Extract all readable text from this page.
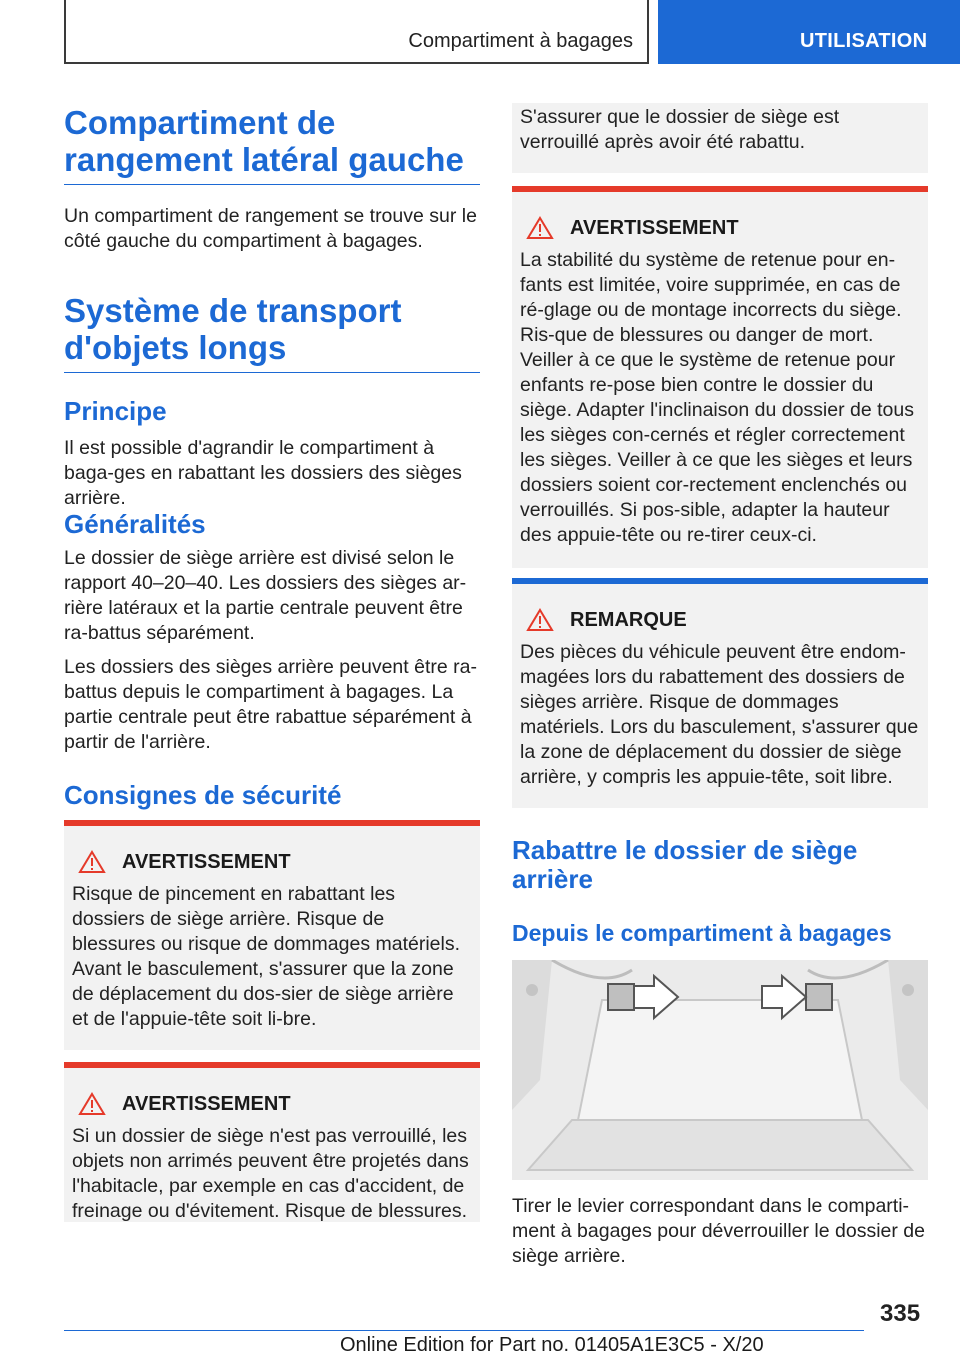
Compartiment à bagages	UTILISATION
Compartiment de rangement latéral gauche

Un compartiment de rangement se trouve sur le côté gauche du compartiment à bagages.

Système de transport d'objets longs
Principe

Il est possible d'agrandir le compartiment à baga-ges en rabattant les dossiers des sièges arrière.

Généralités

Le dossier de siège arrière est divisé selon le rapport 40–20–40. Les dossiers des sièges ar-rière latéraux et la partie centrale peuvent être ra-battus séparément.

Les dossiers des sièges arrière peuvent être ra-battus depuis le compartiment à bagages. La partie centrale peut être rabattue séparément à partir de l'arrière.

Consignes de sécurité
AVERTISSEMENT

Risque de pincement en rabattant les dossiers de siège arrière. Risque de blessures ou risque de dommages matériels. Avant le basculement, s'assurer que la zone de déplacement du dos-sier de siège arrière et de l'appuie-tête soit li-bre.

AVERTISSEMENT

Si un dossier de siège n'est pas verrouillé, les objets non arrimés peuvent être projetés dans l'habitacle, par exemple en cas d'accident, de freinage ou d'évitement. Risque de blessures.

S'assurer que le dossier de siège est verrouillé après avoir été rabattu.

AVERTISSEMENT

La stabilité du système de retenue pour en-fants est limitée, voire supprimée, en cas de ré-glage ou de montage incorrects du siège. Ris-que de blessures ou danger de mort. Veiller à ce que le système de retenue pour enfants re-pose bien contre le dossier du siège. Adapter l'inclinaison du dossier de tous les sièges con-cernés et régler correctement les sièges. Veiller à ce que les sièges et leurs dossiers soient cor-rectement enclenchés ou verrouillés. Si pos-sible, adapter la hauteur des appuie-tête ou re-tirer ceux-ci.

REMARQUE

Des pièces du véhicule peuvent être endom-magées lors du rabattement des dossiers de sièges arrière. Risque de dommages matériels. Lors du basculement, s'assurer que la zone de déplacement du dossier de siège arrière, y compris les appuie-tête, soit libre.

Rabattre le dossier de siège arrière
Depuis le compartiment à bagages

Tirer le levier correspondant dans le comparti-ment à bagages pour déverrouiller le dossier de siège arrière.

335
Online Edition for Part no. 01405A1E3C5 - X/20
